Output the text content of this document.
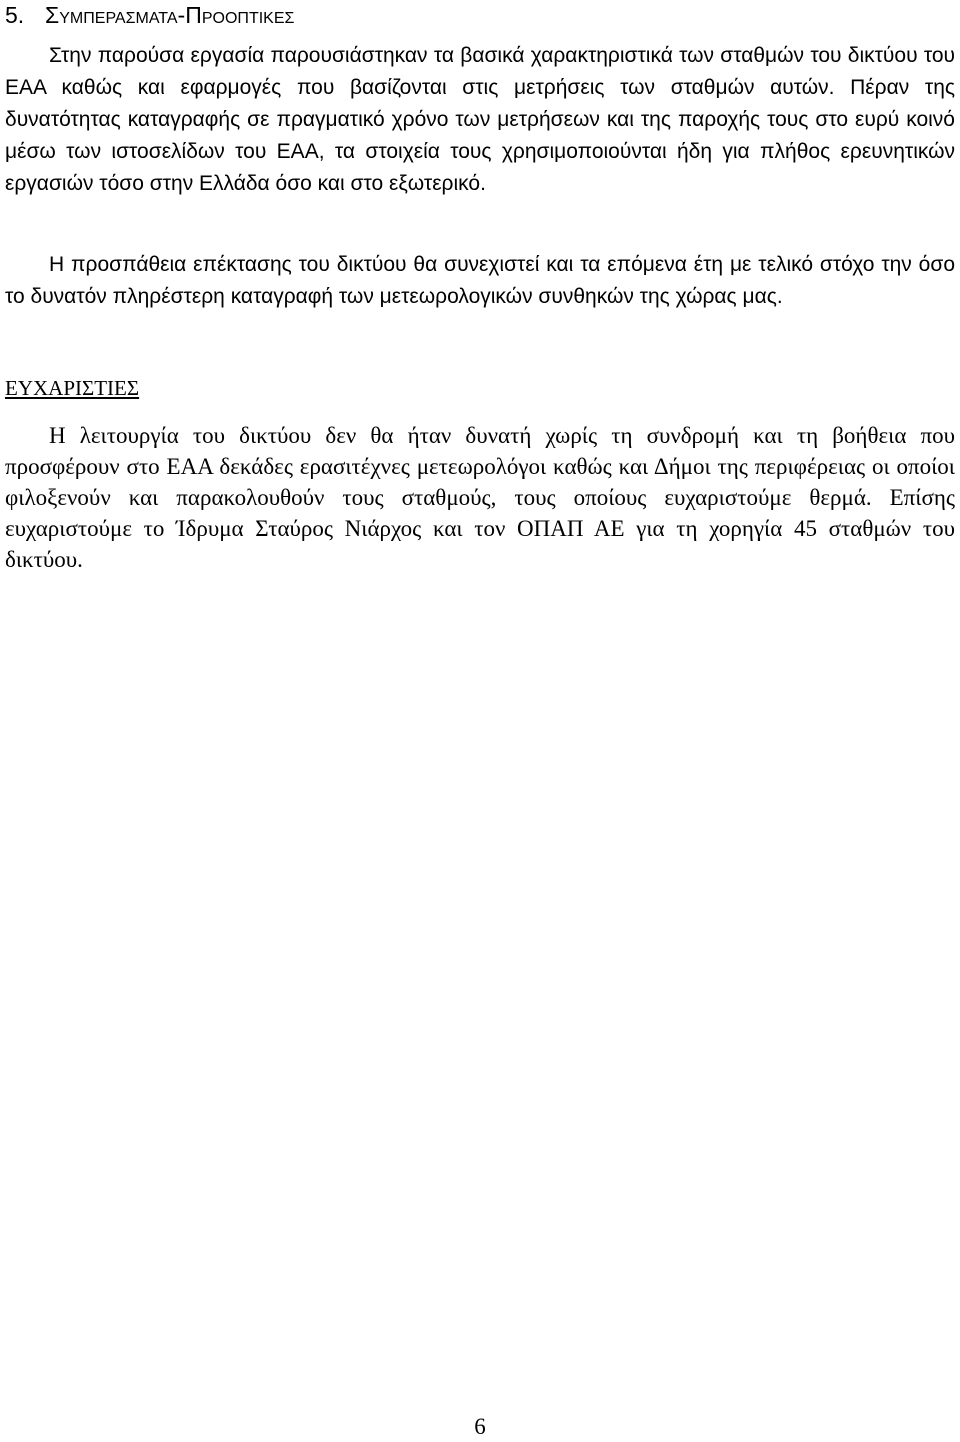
5. Συμπερασματα-Προοπτικες

Στην παρούσα εργασία παρουσιάστηκαν τα βασικά χαρακτηριστικά των σταθμών του δικτύου του ΕΑΑ καθώς και εφαρμογές που βασίζονται στις μετρήσεις των σταθμών αυτών. Πέραν της δυνατότητας καταγραφής σε πραγματικό χρόνο των μετρήσεων και της παροχής τους στο ευρύ κοινό μέσω των ιστοσελίδων του ΕΑΑ, τα στοιχεία τους χρησιμοποιούνται ήδη για πλήθος ερευνητικών εργασιών τόσο στην Ελλάδα όσο και στο εξωτερικό.

Η προσπάθεια επέκτασης του δικτύου θα συνεχιστεί και τα επόμενα έτη με τελικό στόχο την όσο το δυνατόν πληρέστερη καταγραφή των μετεωρολογικών συνθηκών της χώρας μας.

ΕΥΧΑΡΙΣΤΙΕΣ

Η λειτουργία του δικτύου δεν θα ήταν δυνατή χωρίς τη συνδρομή και τη βοήθεια που προσφέρουν στο ΕΑΑ δεκάδες ερασιτέχνες μετεωρολόγοι καθώς και Δήμοι της περιφέρειας οι οποίοι φιλοξενούν και παρακολουθούν τους σταθμούς, τους οποίους ευχαριστούμε θερμά. Επίσης ευχαριστούμε το Ίδρυμα Σταύρος Νιάρχος και τον ΟΠΑΠ ΑΕ για τη χορηγία 45 σταθμών του δικτύου.

6
